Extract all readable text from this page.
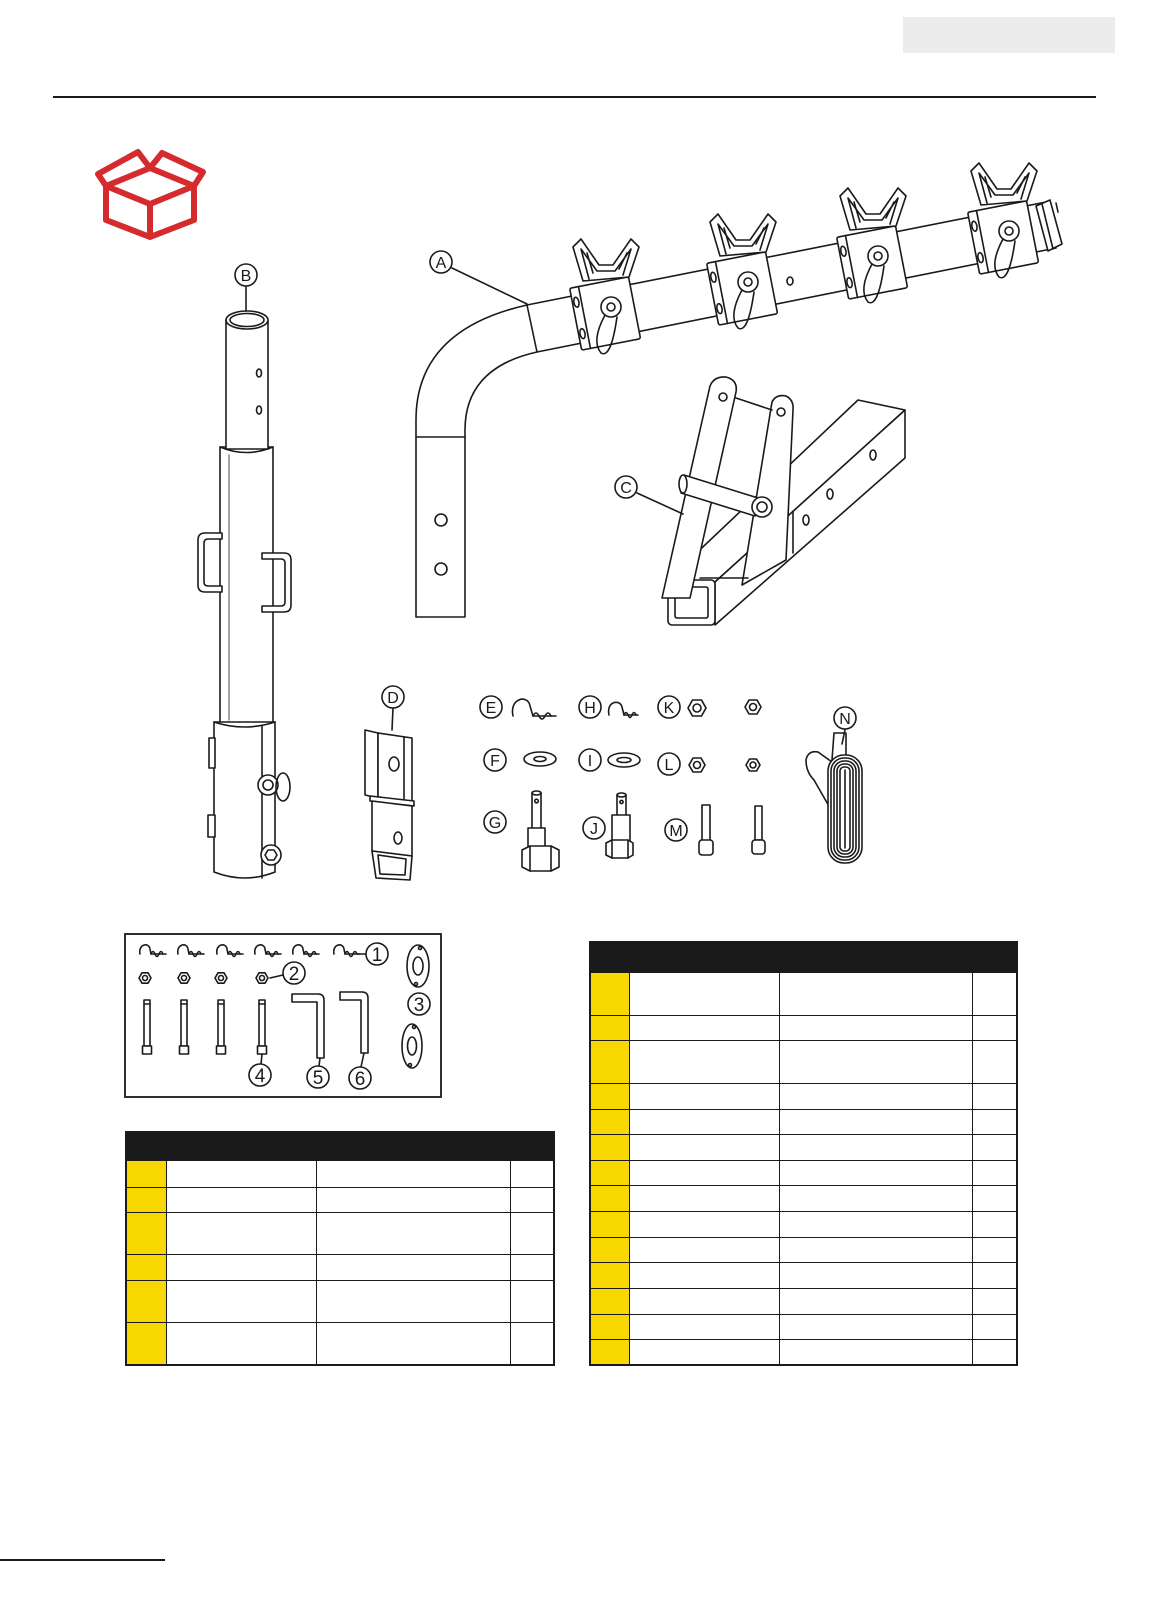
A
B
C
D
E
F
G
H
I
J
K
L
M
N
1
2
3
4 5 6
